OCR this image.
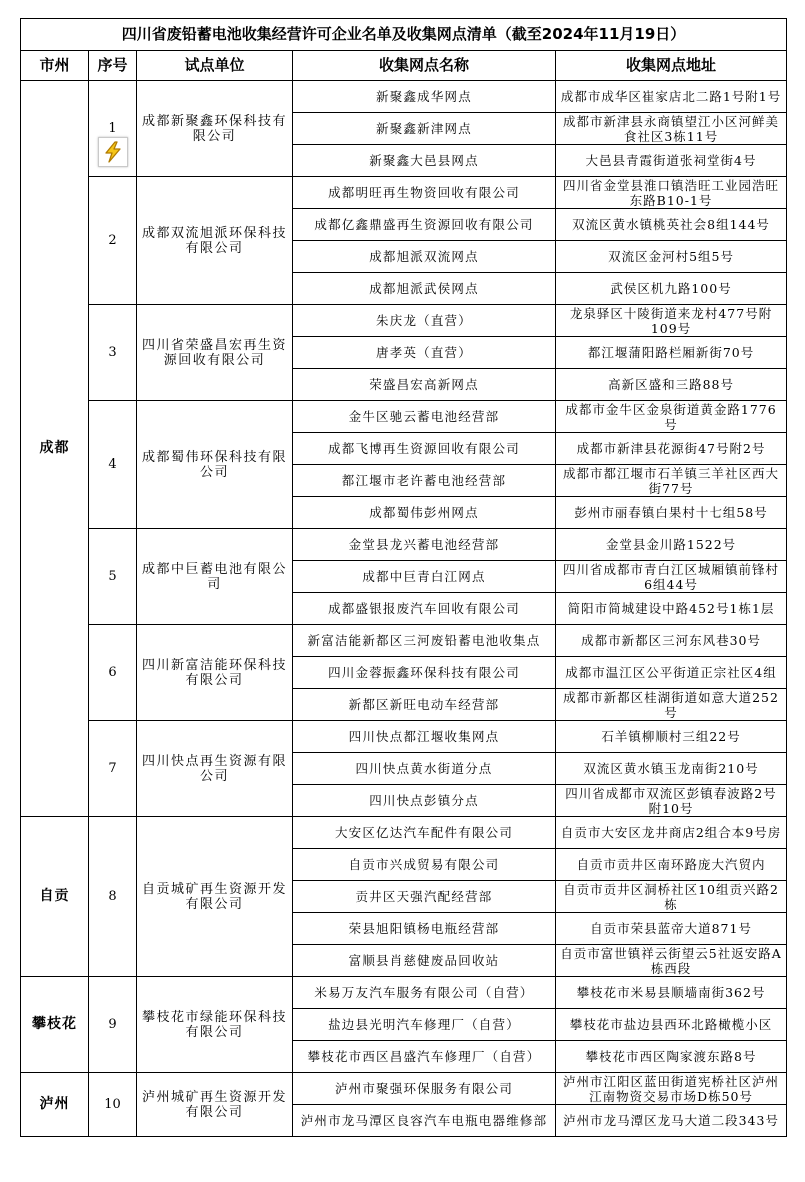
四川省废铅蓄电池收集经营许可企业名单及收集网点清单（截至2024年11月19日）				
市州	序号	试点单位	收集网点名称	收集网点地址
成都	1	成都新聚鑫环保科技有限公司	新聚鑫成华网点	成都市成华区崔家店北二路1号附1号
			新聚鑫新津网点	成都市新津县永商镇望江小区河鲜美食社区3栋11号
			新聚鑫大邑县网点	大邑县青霞街道张祠堂街4号
	2	成都双流旭派环保科技有限公司	成都明旺再生物资回收有限公司	四川省金堂县淮口镇浩旺工业园浩旺东路B10-1号
			成都亿鑫鼎盛再生资源回收有限公司	双流区黄水镇桃英社会8组144号
			成都旭派双流网点	双流区金河村5组5号
			成都旭派武侯网点	武侯区机九路100号
	3	四川省荣盛昌宏再生资源回收有限公司	朱庆龙（直营）	龙泉驿区十陵街道来龙村477号附109号
			唐孝英（直营）	都江堰蒲阳路栏厢新街70号
			荣盛昌宏高新网点	高新区盛和三路88号
	4	成都蜀伟环保科技有限公司	金牛区驰云蓄电池经营部	成都市金牛区金泉街道黄金路1776号
			成都飞博再生资源回收有限公司	成都市新津县花源街47号附2号
			都江堰市老许蓄电池经营部	成都市都江堰市石羊镇三羊社区西大街77号
			成都蜀伟彭州网点	彭州市丽春镇白果村十七组58号
	5	成都中巨蓄电池有限公司	金堂县龙兴蓄电池经营部	金堂县金川路1522号
			成都中巨青白江网点	四川省成都市青白江区城厢镇前锋村6组44号
			成都盛银报废汽车回收有限公司	简阳市简城建设中路452号1栋1层
	6	四川新富洁能环保科技有限公司	新富洁能新都区三河废铅蓄电池收集点	成都市新都区三河东风巷30号
			四川金蓉振鑫环保科技有限公司	成都市温江区公平街道正宗社区4组
			新都区新旺电动车经营部	成都市新都区桂湖街道如意大道252号
	7	四川快点再生资源有限公司	四川快点都江堰收集网点	石羊镇柳顺村三组22号
			四川快点黄水街道分点	双流区黄水镇玉龙南街210号
			四川快点彭镇分点	四川省成都市双流区彭镇春波路2号附10号
自贡	8	自贡城矿再生资源开发有限公司	大安区亿达汽车配件有限公司	自贡市大安区龙井商店2组合本9号房
			自贡市兴成贸易有限公司	自贡市贡井区南环路庞大汽贸内
			贡井区天强汽配经营部	自贡市贡井区洞桥社区10组贡兴路2栋
			荣县旭阳镇杨电瓶经营部	自贡市荣县蓝帝大道871号
			富顺县肖慈健废品回收站	自贡市富世镇祥云街望云5社返安路A栋西段
攀枝花	9	攀枝花市绿能环保科技有限公司	米易万友汽车服务有限公司（自营）	攀枝花市米易县顺墙南街362号
			盐边县光明汽车修理厂（自营）	攀枝花市盐边县西环北路橄榄小区
			攀枝花市西区昌盛汽车修理厂（自营）	攀枝花市西区陶家渡东路8号
泸州	10	泸州城矿再生资源开发有限公司	泸州市聚强环保服务有限公司	泸州市江阳区蓝田街道宪桥社区泸州江南物资交易市场D栋50号
			泸州市龙马潭区良容汽车电瓶电器维修部	泸州市龙马潭区龙马大道二段343号
